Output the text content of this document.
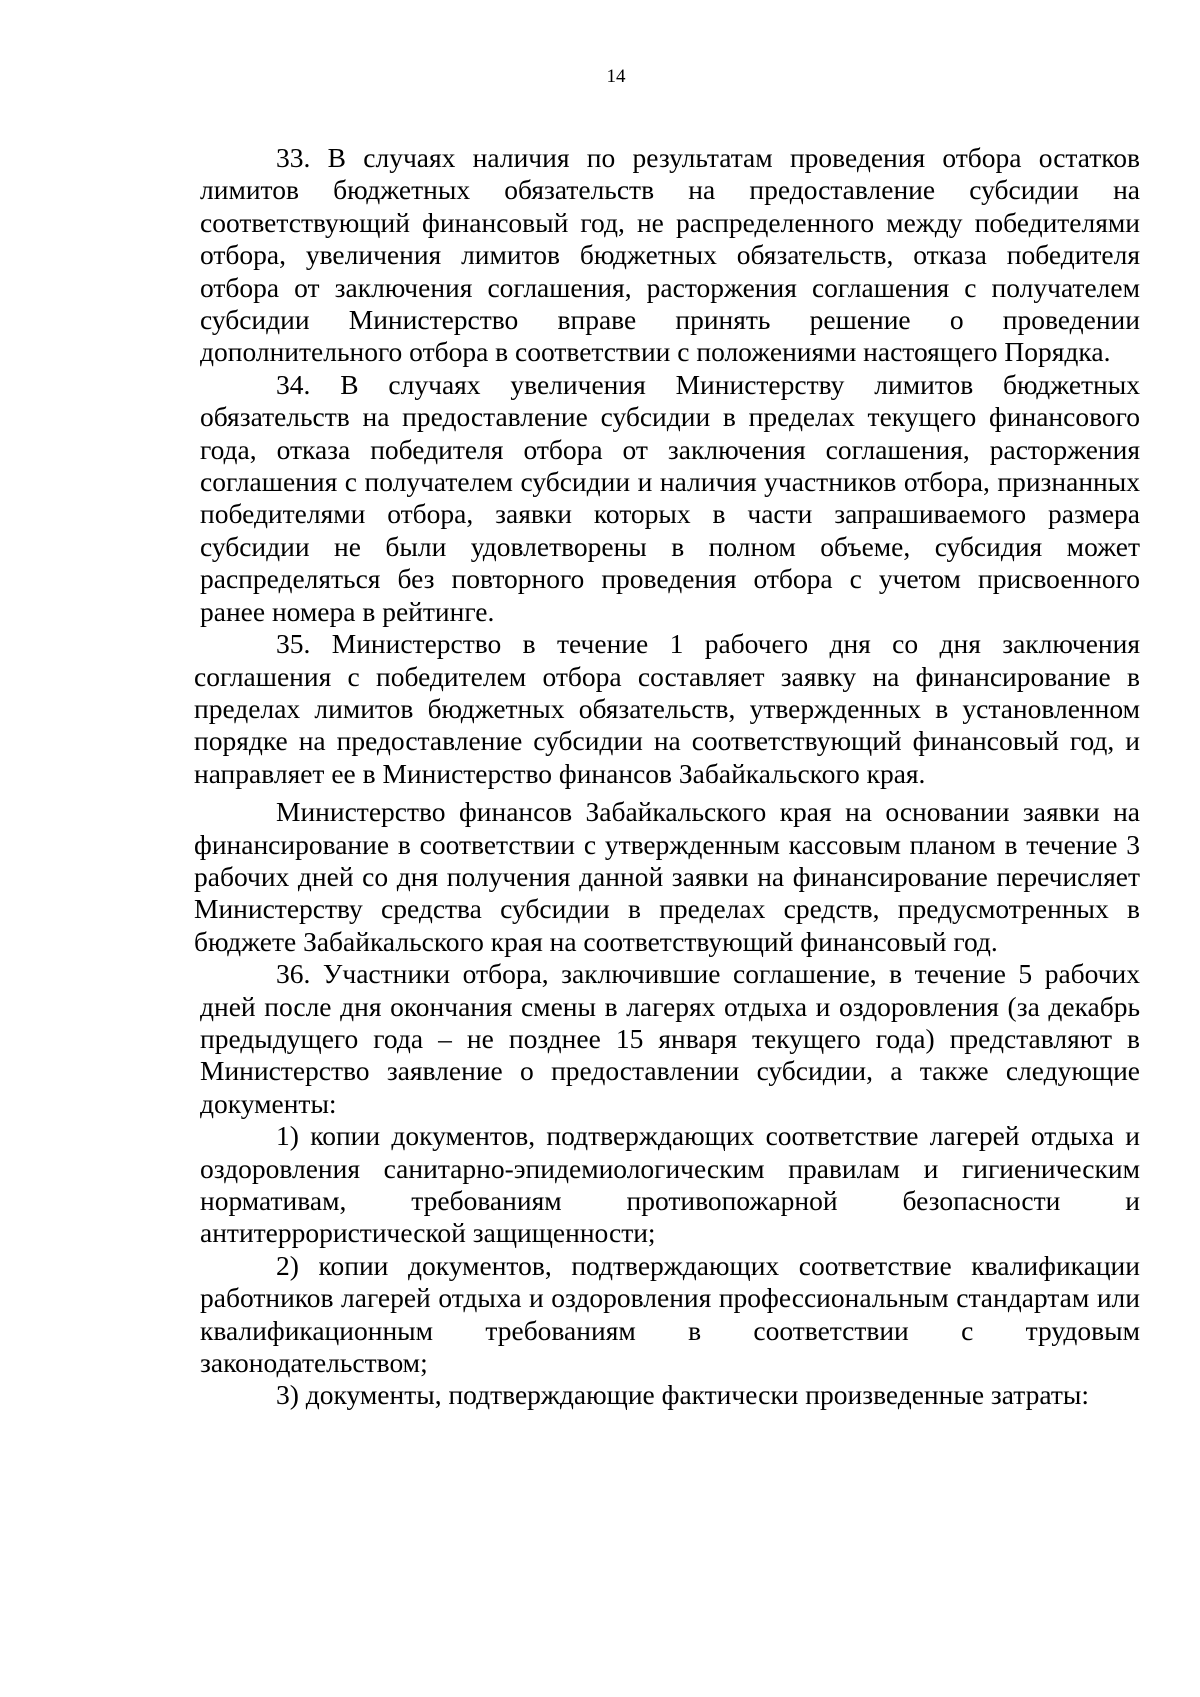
14

33. В случаях наличия по результатам проведения отбора остатков лимитов бюджетных обязательств на предоставление субсидии на соответствующий финансовый год, не распределенного между победителями отбора, увеличения лимитов бюджетных обязательств, отказа победителя отбора от заключения соглашения, расторжения соглашения с получателем субсидии Министерство вправе принять решение о проведении дополнительного отбора в соответствии с положениями настоящего Порядка.

34. В случаях увеличения Министерству лимитов бюджетных обязательств на предоставление субсидии в пределах текущего финансового года, отказа победителя отбора от заключения соглашения, расторжения соглашения с получателем субсидии и наличия участников отбора, признанных победителями отбора, заявки которых в части запрашиваемого размера субсидии не были удовлетворены в полном объеме, субсидия может распределяться без повторного проведения отбора с учетом присвоенного ранее номера в рейтинге.

35. Министерство в течение 1 рабочего дня со дня заключения соглашения с победителем отбора составляет заявку на финансирование в пределах лимитов бюджетных обязательств, утвержденных в установленном порядке на предоставление субсидии на соответствующий финансовый год, и направляет ее в Министерство финансов Забайкальского края.

Министерство финансов Забайкальского края на основании заявки на финансирование в соответствии с утвержденным кассовым планом в течение 3 рабочих дней со дня получения данной заявки на финансирование перечисляет Министерству средства субсидии в пределах средств, предусмотренных в бюджете Забайкальского края на соответствующий финансовый год.

36. Участники отбора, заключившие соглашение, в течение 5 рабочих дней после дня окончания смены в лагерях отдыха и оздоровления (за декабрь предыдущего года – не позднее 15 января текущего года) представляют в Министерство заявление о предоставлении субсидии, а также следующие документы:

1) копии документов, подтверждающих соответствие лагерей отдыха и оздоровления санитарно-эпидемиологическим правилам и гигиеническим нормативам, требованиям противопожарной безопасности и антитеррористической защищенности;

2) копии документов, подтверждающих соответствие квалификации работников лагерей отдыха и оздоровления профессиональным стандартам или квалификационным требованиям в соответствии с трудовым законодательством;

3) документы, подтверждающие фактически произведенные затраты:
